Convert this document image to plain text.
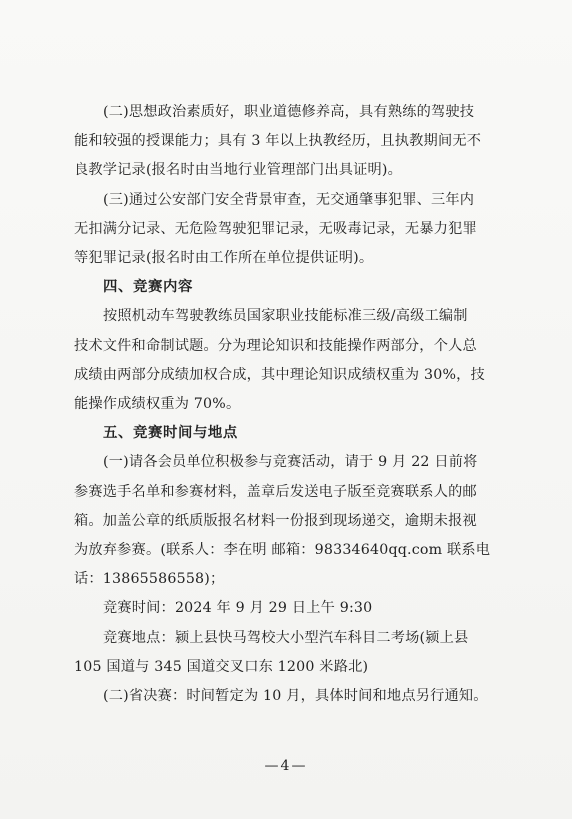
(二)思想政治素质好，职业道德修养高，具有熟练的驾驶技
能和较强的授课能力；具有 3 年以上执教经历，且执教期间无不
良教学记录(报名时由当地行业管理部门出具证明)。

(三)通过公安部门安全背景审查，无交通肇事犯罪、三年内
无扣满分记录、无危险驾驶犯罪记录，无吸毒记录，无暴力犯罪
等犯罪记录(报名时由工作所在单位提供证明)。

四、竞赛内容

按照机动车驾驶教练员国家职业技能标准三级/高级工编制
技术文件和命制试题。分为理论知识和技能操作两部分，个人总
成绩由两部分成绩加权合成，其中理论知识成绩权重为 30%，技
能操作成绩权重为 70%。

五、竞赛时间与地点

(一)请各会员单位积极参与竞赛活动，请于 9 月 22 日前将
参赛选手名单和参赛材料，盖章后发送电子版至竞赛联系人的邮
箱。加盖公章的纸质版报名材料一份报到现场递交，逾期未报视
为放弃参赛。(联系人：李在明 邮箱：98334640qq.com 联系电
话：13865586558)；

竞赛时间：2024 年 9 月 29 日上午 9:30

竞赛地点：颍上县快马驾校大小型汽车科目二考场(颍上县
105 国道与 345 国道交叉口东 1200 米路北)

(二)省决赛：时间暂定为 10 月，具体时间和地点另行通知。

—4—
